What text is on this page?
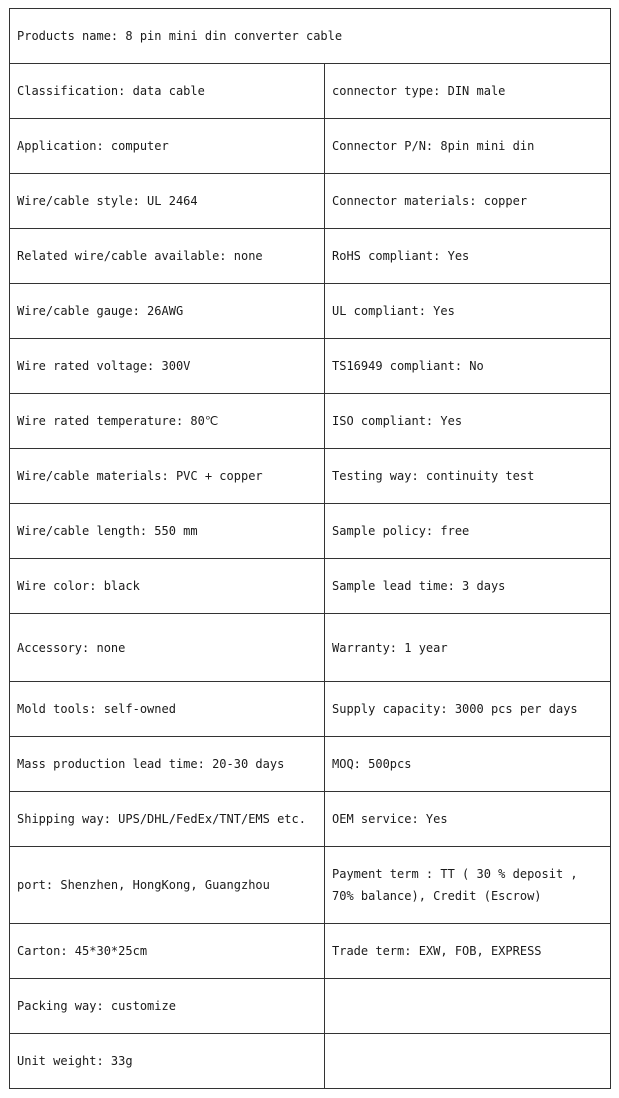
Products name: 8 pin mini din converter cable	
Classification: data cable	connector type: DIN male
Application: computer	Connector P/N: 8pin mini din
Wire/cable style: UL 2464	Connector materials: copper
Related wire/cable available: none	RoHS compliant: Yes
Wire/cable gauge: 26AWG	UL compliant: Yes
Wire rated voltage: 300V	TS16949 compliant: No
Wire rated temperature: 80℃	ISO compliant: Yes
Wire/cable materials: PVC + copper	Testing way: continuity test
Wire/cable length: 550 mm	Sample policy: free
Wire color: black	Sample lead time: 3 days
Accessory: none	Warranty: 1 year
Mold tools: self-owned	Supply capacity: 3000 pcs per days
Mass production lead time: 20-30 days	MOQ: 500pcs
Shipping way: UPS/DHL/FedEx/TNT/EMS etc.	OEM service: Yes
port: Shenzhen, HongKong, Guangzhou	Payment term : TT ( 30 % deposit , 70% balance), Credit (Escrow)
Carton: 45*30*25cm	Trade term: EXW, FOB, EXPRESS
Packing way: customize	
Unit weight: 33g	
